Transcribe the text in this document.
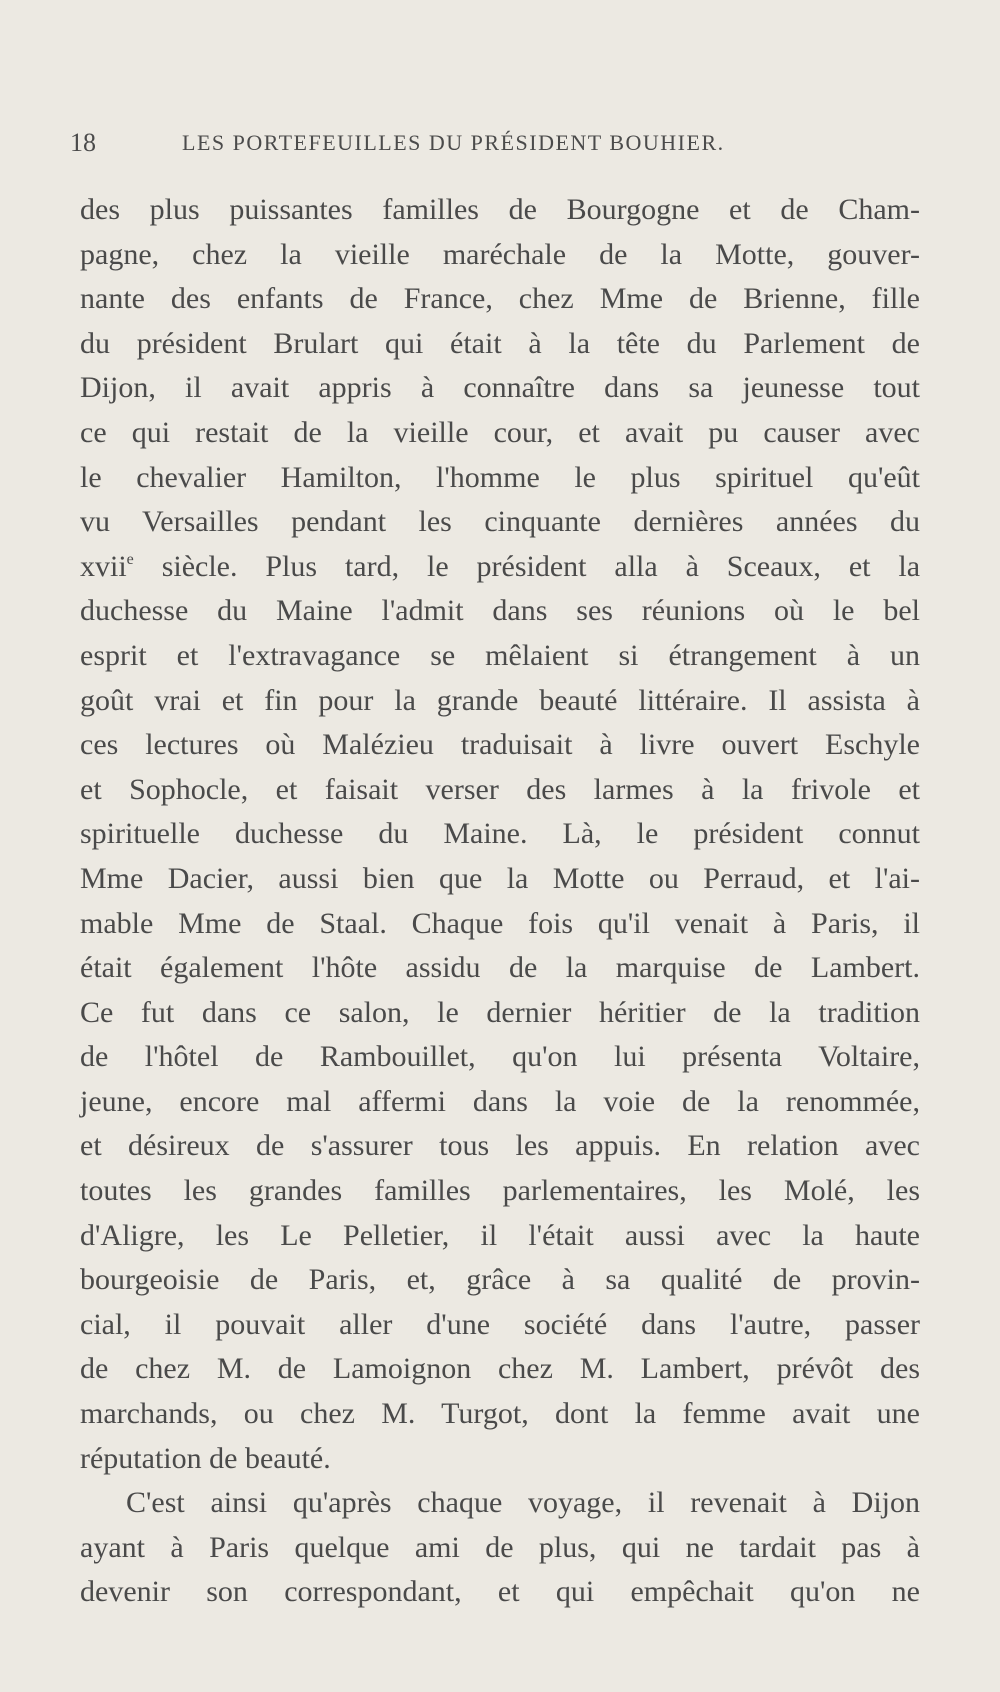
18	LES PORTEFEUILLES DU PRÉSIDENT BOUHIER.
des plus puissantes familles de Bourgogne et de Cham-
pagne, chez la vieille maréchale de la Motte, gouver-
nante des enfants de France, chez Mme de Brienne, fille
du président Brulart qui était à la tête du Parlement de
Dijon, il avait appris à connaître dans sa jeunesse tout
ce qui restait de la vieille cour, et avait pu causer avec
le chevalier Hamilton, l'homme le plus spirituel qu'eût
vu Versailles pendant les cinquante dernières années du
xvii$^e$ siècle. Plus tard, le président alla à Sceaux, et la
duchesse du Maine l'admit dans ses réunions où le bel
esprit et l'extravagance se mêlaient si étrangement à un
goût vrai et fin pour la grande beauté littéraire. Il assista à
ces lectures où Malézieu traduisait à livre ouvert Eschyle
et Sophocle, et faisait verser des larmes à la frivole et
spirituelle duchesse du Maine. Là, le président connut
Mme Dacier, aussi bien que la Motte ou Perraud, et l'ai-
mable Mme de Staal. Chaque fois qu'il venait à Paris, il
était également l'hôte assidu de la marquise de Lambert.
Ce fut dans ce salon, le dernier héritier de la tradition
de l'hôtel de Rambouillet, qu'on lui présenta Voltaire,
jeune, encore mal affermi dans la voie de la renommée,
et désireux de s'assurer tous les appuis. En relation avec
toutes les grandes familles parlementaires, les Molé, les
d'Aligre, les Le Pelletier, il l'était aussi avec la haute
bourgeoisie de Paris, et, grâce à sa qualité de provin-
cial, il pouvait aller d'une société dans l'autre, passer
de chez M. de Lamoignon chez M. Lambert, prévôt des
marchands, ou chez M. Turgot, dont la femme avait une
réputation de beauté.
C'est ainsi qu'après chaque voyage, il revenait à Dijon
ayant à Paris quelque ami de plus, qui ne tardait pas à
devenir son correspondant, et qui empêchait qu'on ne
